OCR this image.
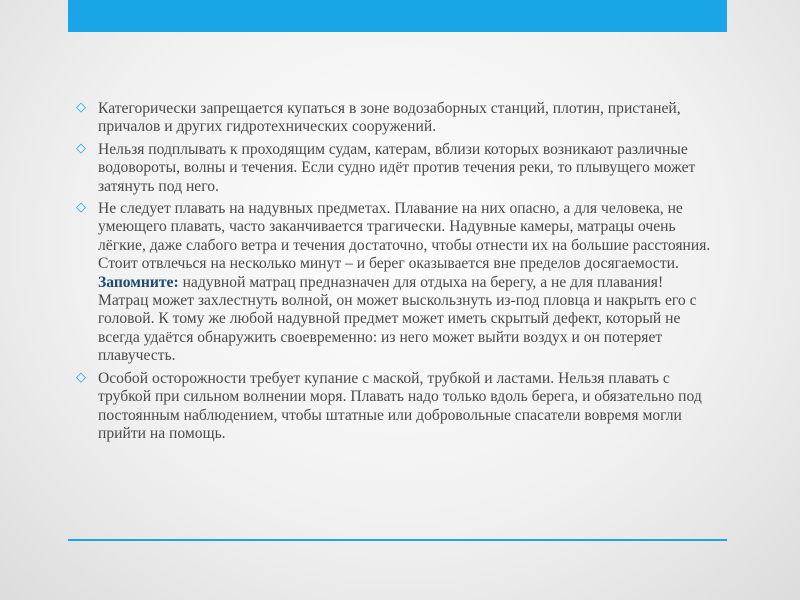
◇ Категорически запрещается купаться в зоне водозаборных станций, плотин, пристаней, причалов и других гидротехнических сооружений.
◇ Нельзя подплывать к проходящим судам, катерам, вблизи которых возникают различные водовороты, волны и течения. Если судно идёт против течения реки, то плывущего может затянуть под него.
◇ Не следует плавать на надувных предметах. Плавание на них опасно, а для человека, не умеющего плавать, часто заканчивается трагически. Надувные камеры, матрацы очень лёгкие, даже слабого ветра и течения достаточно, чтобы отнести их на большие расстояния. Стоит отвлечься на несколько минут – и берег оказывается вне пределов досягаемости. Запомните: надувной матрац предназначен для отдыха на берегу, а не для плавания! Матрац может захлестнуть волной, он может выскользнуть из-под пловца и накрыть его с головой. К тому же любой надувной предмет может иметь скрытый дефект, который не всегда удаётся обнаружить своевременно: из него может выйти воздух и он потеряет плавучесть.
◇ Особой осторожности требует купание с маской, трубкой и ластами. Нельзя плавать с трубкой при сильном волнении моря. Плавать надо только вдоль берега, и обязательно под постоянным наблюдением, чтобы штатные или добровольные спасатели вовремя могли прийти на помощь.
